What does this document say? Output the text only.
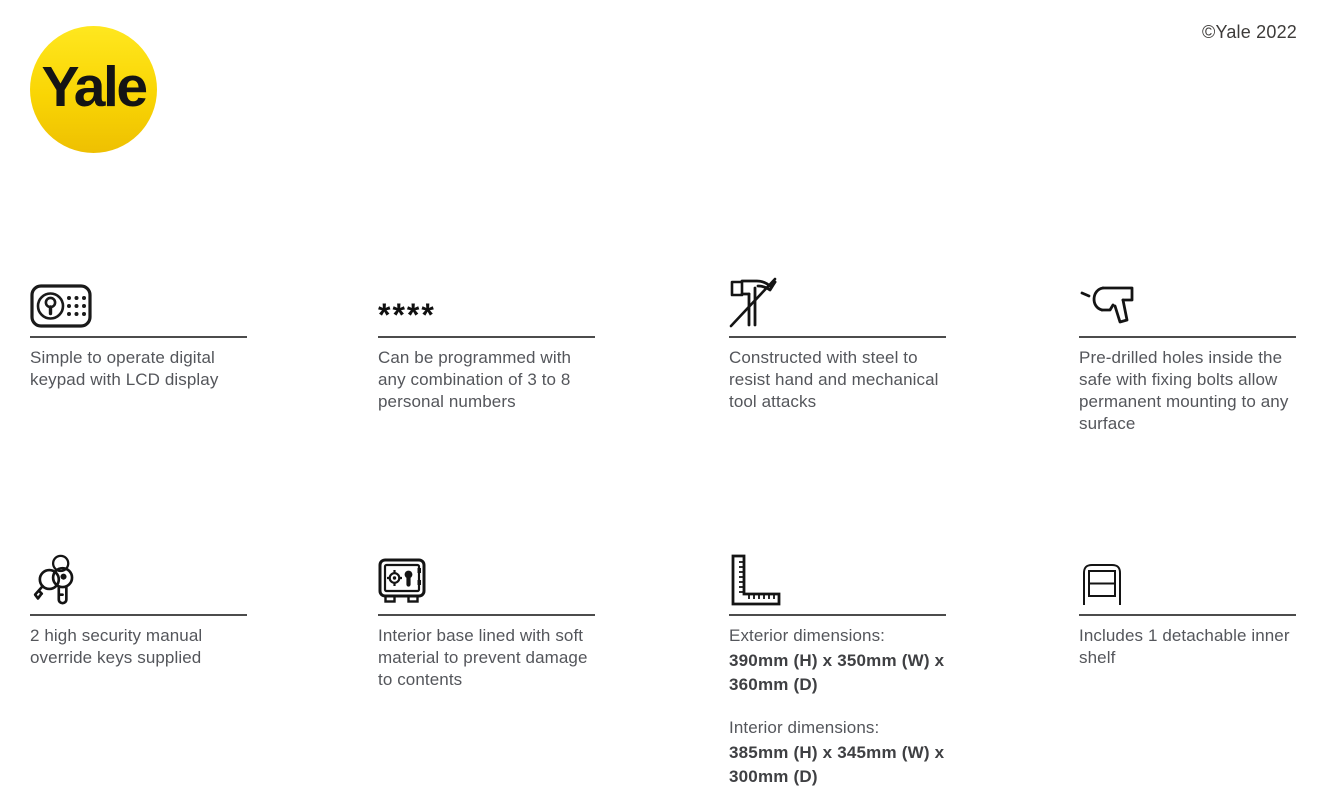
Yale
©Yale 2022

Simple to operate digital keypad with LCD display

****

Can be programmed with any combination of 3 to 8 personal numbers

Constructed with steel to resist hand and mechanical tool attacks

Pre-drilled holes inside the safe with fixing bolts allow permanent mounting to any surface

2 high security manual override keys supplied

Interior base lined with soft material to prevent damage to contents

Exterior dimensions:

390mm (H) x 350mm (W) x 360mm (D)

Interior dimensions:

385mm (H) x 345mm (W) x 300mm (D)

Includes 1 detachable inner shelf
